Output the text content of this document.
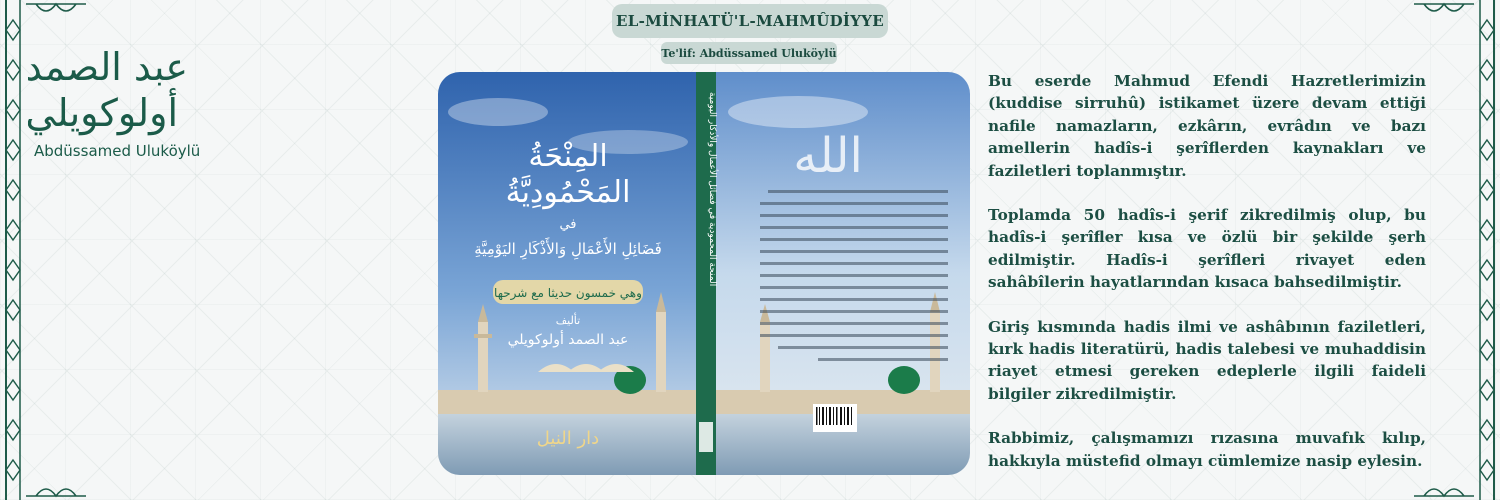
EL-MİNHATÜ'L-MAHMÛDİYYE
Te'lif: Abdüssamed Uluköylü
عبد الصمد
أولوكويلي
Abdüssamed Uluköylü	المِنْحَةُ
المَحْمُودِيَّةُ
في
فَضَائِلِ الأَعْمَالِ وَالأَذْكَارِ اليَوْمِيَّةِ
وهي خمسون حديثا مع شرحها
تأليف
عبد الصمد أولوكويلي
دار النيل
المنحة المحمودية في فضائل الأعمال والأذكار اليومية الله

Bu eserde Mahmud Efendi Hazretlerimizin (kuddise sirruhû) istikamet üzere devam ettiği nafile namazların, ezkârın, evrâdın ve bazı amellerin hadîs-i şerîflerden kaynakları ve faziletleri toplanmıştır.

Toplamda 50 hadîs-i şerif zikredilmiş olup, bu hadîs-i şerîfler kısa ve özlü bir şekilde şerh edilmiştir. Hadîs-i şerîfleri rivayet eden sahâbîlerin hayatlarından kısaca bahsedilmiştir.

Giriş kısmında hadis ilmi ve ashâbının faziletleri, kırk hadis literatürü, hadis talebesi ve muhaddisin riayet etmesi gereken edeplerle ilgili faideli bilgiler zikredilmiştir.

Rabbimiz, çalışmamızı rızasına muvafık kılıp, hakkıyla müstefid olmayı cümlemize nasip eylesin.
